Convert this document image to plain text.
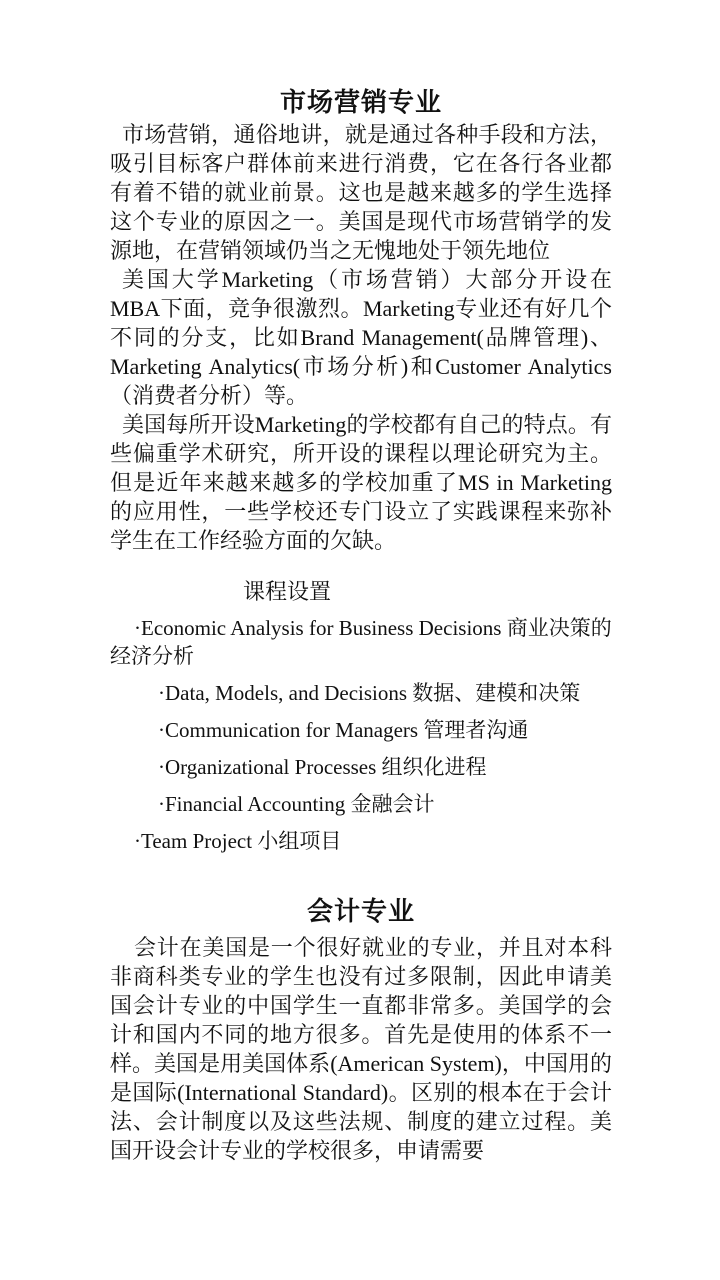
市场营销专业

市场营销，通俗地讲，就是通过各种手段和方法，吸引目标客户群体前来进行消费，它在各行各业都有着不错的就业前景。这也是越来越多的学生选择这个专业的原因之一。美国是现代市场营销学的发源地，在营销领域仍当之无愧地处于领先地位

美国大学Marketing（市场营销）大部分开设在MBA下面，竞争很激烈。Marketing专业还有好几个不同的分支，比如Brand Management(品牌管理)、Marketing Analytics(市场分析)和Customer Analytics（消费者分析）等。

美国每所开设Marketing的学校都有自己的特点。有些偏重学术研究，所开设的课程以理论研究为主。但是近年来越来越多的学校加重了MS in Marketing的应用性，一些学校还专门设立了实践课程来弥补学生在工作经验方面的欠缺。

课程设置

·Economic Analysis for Business Decisions 商业决策的经济分析

·Data, Models, and Decisions 数据、建模和决策

·Communication for Managers 管理者沟通

·Organizational Processes 组织化进程

·Financial Accounting 金融会计

·Team Project 小组项目

会计专业

会计在美国是一个很好就业的专业，并且对本科非商科类专业的学生也没有过多限制，因此申请美国会计专业的中国学生一直都非常多。美国学的会计和国内不同的地方很多。首先是使用的体系不一样。美国是用美国体系(American System)，中国用的是国际(International Standard)。区别的根本在于会计法、会计制度以及这些法规、制度的建立过程。美国开设会计专业的学校很多，申请需要
